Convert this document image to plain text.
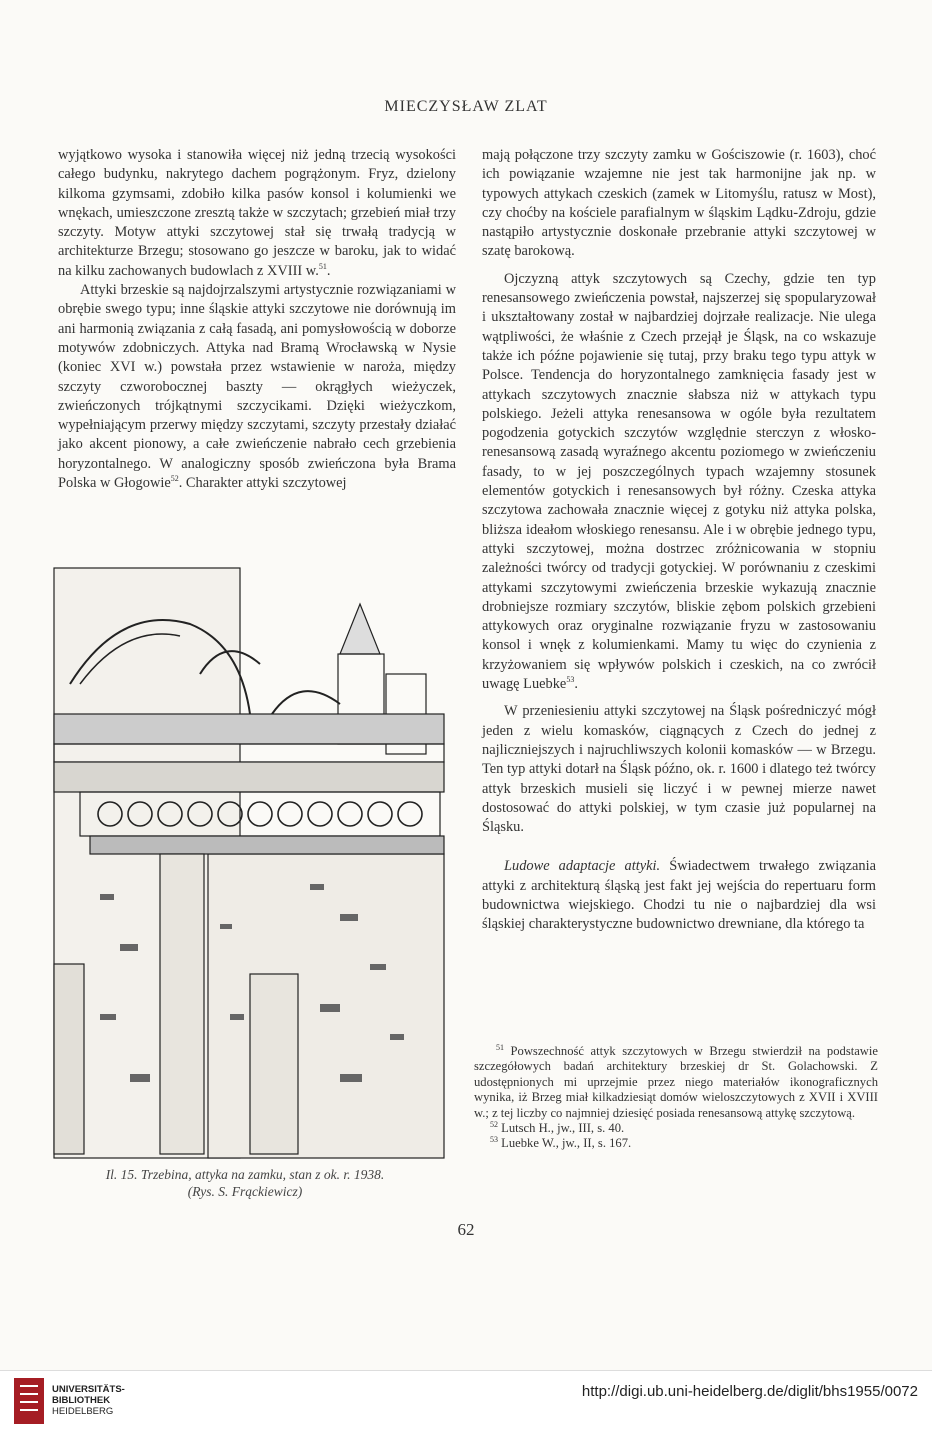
MIECZYSŁAW ZLAT

wyjątkowo wysoka i stanowiła więcej niż jedną trzecią wysokości całego budynku, nakrytego dachem pogrążonym. Fryz, dzielony kilkoma gzymsami, zdobiło kilka pasów konsol i kolumienki we wnękach, umieszczone zresztą także w szczytach; grzebień miał trzy szczyty. Motyw attyki szczytowej stał się trwałą tradycją w architekturze Brzegu; stosowano go jeszcze w baroku, jak to widać na kilku zachowanych budowlach z XVIII w.$^{51}$.

Attyki brzeskie są najdojrzalszymi artystycznie rozwiązaniami w obrębie swego typu; inne śląskie attyki szczytowe nie dorównują im ani harmonią związania z całą fasadą, ani pomysłowością w doborze motywów zdobniczych. Attyka nad Bramą Wrocławską w Nysie (koniec XVI w.) powstała przez wstawienie w naroża, między szczyty czworobocznej baszty — okrągłych wieżyczek, zwieńczonych trójkątnymi szczycikami. Dzięki wieżyczkom, wypełniającym przerwy między szczytami, szczyty przestały działać jako akcent pionowy, a całe zwieńczenie nabrało cech grzebienia horyzontalnego. W analogiczny sposób zwieńczona była Brama Polska w Głogowie$^{52}$. Charakter attyki szczytowej

Il. 15. Trzebina, attyka na zamku, stan z ok. r. 1938.
(Rys. S. Frąckiewicz)

mają połączone trzy szczyty zamku w Gościszowie (r. 1603), choć ich powiązanie wzajemne nie jest tak harmonijne jak np. w typowych attykach czeskich (zamek w Litomyślu, ratusz w Most), czy choćby na kościele parafialnym w śląskim Lądku-Zdroju, gdzie nastąpiło artystycznie doskonałe przebranie attyki szczytowej w szatę barokową.

Ojczyzną attyk szczytowych są Czechy, gdzie ten typ renesansowego zwieńczenia powstał, najszerzej się spopularyzował i ukształtowany został w najbardziej dojrzałe realizacje. Nie ulega wątpliwości, że właśnie z Czech przejął je Śląsk, na co wskazuje także ich późne pojawienie się tutaj, przy braku tego typu attyk w Polsce. Tendencja do horyzontalnego zamknięcia fasady jest w attykach szczytowych znacznie słabsza niż w attykach typu polskiego. Jeżeli attyka renesansowa w ogóle była rezultatem pogodzenia gotyckich szczytów względnie sterczyn z włosko-renesansową zasadą wyraźnego akcentu poziomego w zwieńczeniu fasady, to w jej poszczególnych typach wzajemny stosunek elementów gotyckich i renesansowych był różny. Czeska attyka szczytowa zachowała znacznie więcej z gotyku niż attyka polska, bliższa ideałom włoskiego renesansu. Ale i w obrębie jednego typu, attyki szczytowej, można dostrzec zróżnicowania w stopniu zależności twórcy od tradycji gotyckiej. W porównaniu z czeskimi attykami szczytowymi zwieńczenia brzeskie wykazują znacznie drobniejsze rozmiary szczytów, bliskie zębom polskich grzebieni attykowych oraz oryginalne rozwiązanie fryzu w zastosowaniu konsol i wnęk z kolumienkami. Mamy tu więc do czynienia z krzyżowaniem się wpływów polskich i czeskich, na co zwrócił uwagę Luebke$^{53}$.

W przeniesieniu attyki szczytowej na Śląsk pośredniczyć mógł jeden z wielu komasków, ciągnących z Czech do jednej z najliczniejszych i najruchliwszych kolonii komasków — w Brzegu. Ten typ attyki dotarł na Śląsk późno, ok. r. 1600 i dlatego też twórcy attyk brzeskich musieli się liczyć i w pewnej mierze nawet dostosować do attyki polskiej, w tym czasie już popularnej na Śląsku.

Ludowe adaptacje attyki. Świadectwem trwałego związania attyki z architekturą śląską jest fakt jej wejścia do repertuaru form budownictwa wiejskiego. Chodzi tu nie o najbardziej dla wsi śląskiej charakterystyczne budownictwo drewniane, dla którego ta

$^{51}$ Powszechność attyk szczytowych w Brzegu stwierdził na podstawie szczegółowych badań architektury brzeskiej dr St. Golachowski. Z udostępnionych mi uprzejmie przez niego materiałów ikonograficznych wynika, iż Brzeg miał kilkadziesiąt domów wieloszczytowych z XVII i XVIII w.; z tej liczby co najmniej dziesięć posiada renesansową attykę szczytową.

$^{52}$ Lutsch H., jw., III, s. 40.

$^{53}$ Luebke W., jw., II, s. 167.

62
UNIVERSITÄTS-
BIBLIOTHEK
HEIDELBERG
http://digi.ub.uni-heidelberg.de/diglit/bhs1955/0072
